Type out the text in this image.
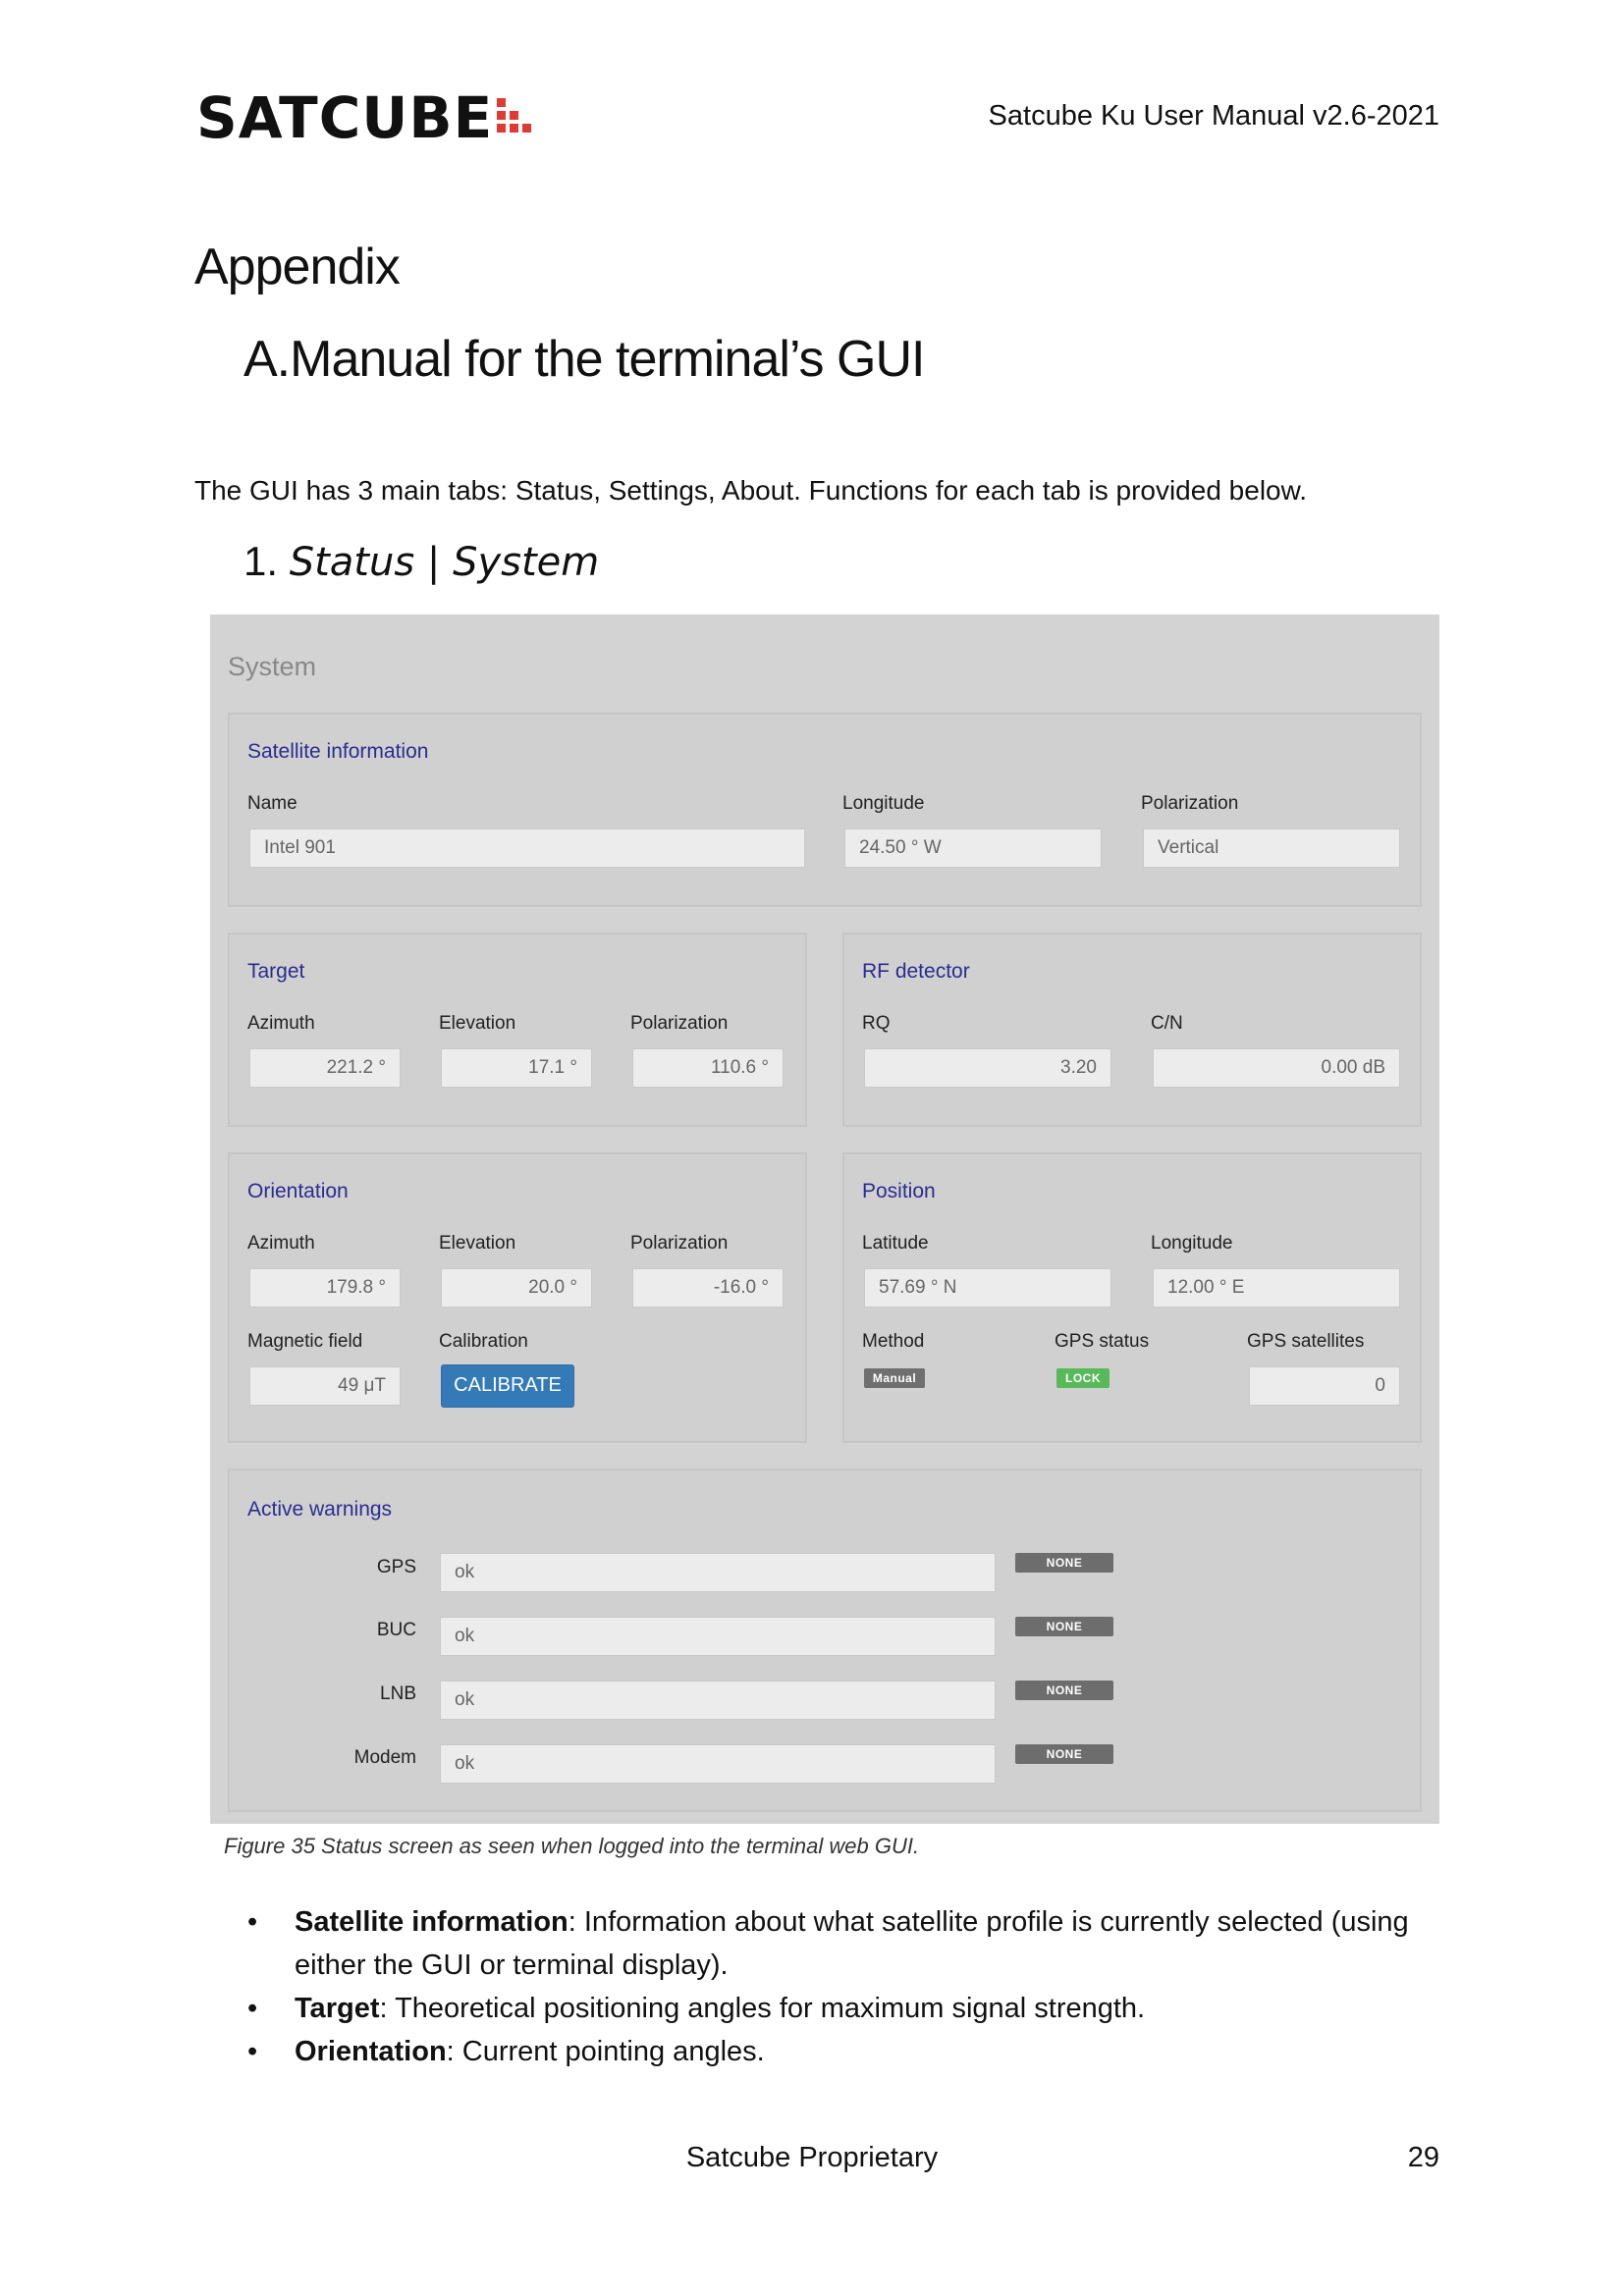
SATCUBE	Satcube Ku User Manual v2.6-2021
Appendix
A.Manual for the terminal’s GUI
The GUI has 3 main tabs: Status, Settings, About. Functions for each tab is provided below.
1. Status | System
System
Satellite information
Name
Intel 901
Longitude
24.50 ° W
Polarization
Vertical
Target
Azimuth
221.2 °
Elevation
17.1 °
Polarization
110.6 °
RF detector
RQ
3.20
C/N
0.00 dB
Orientation
Azimuth
179.8 °
Elevation
20.0 °
Polarization
-16.0 °
Magnetic field
49 μT
Calibration
CALIBRATE
Position
Latitude
57.69 ° N
Longitude
12.00 ° E
Method
Manual
GPS status
LOCK
GPS satellites
0
Active warnings
GPS	ok	NONE
BUC	ok	NONE
LNB	ok	NONE
Modem	ok	NONE
Figure 35 Status screen as seen when logged into the terminal web GUI.
• Satellite information: Information about what satellite profile is currently selected (using either the GUI or terminal display).
• Target: Theoretical positioning angles for maximum signal strength.
• Orientation: Current pointing angles.
Satcube Proprietary	29
